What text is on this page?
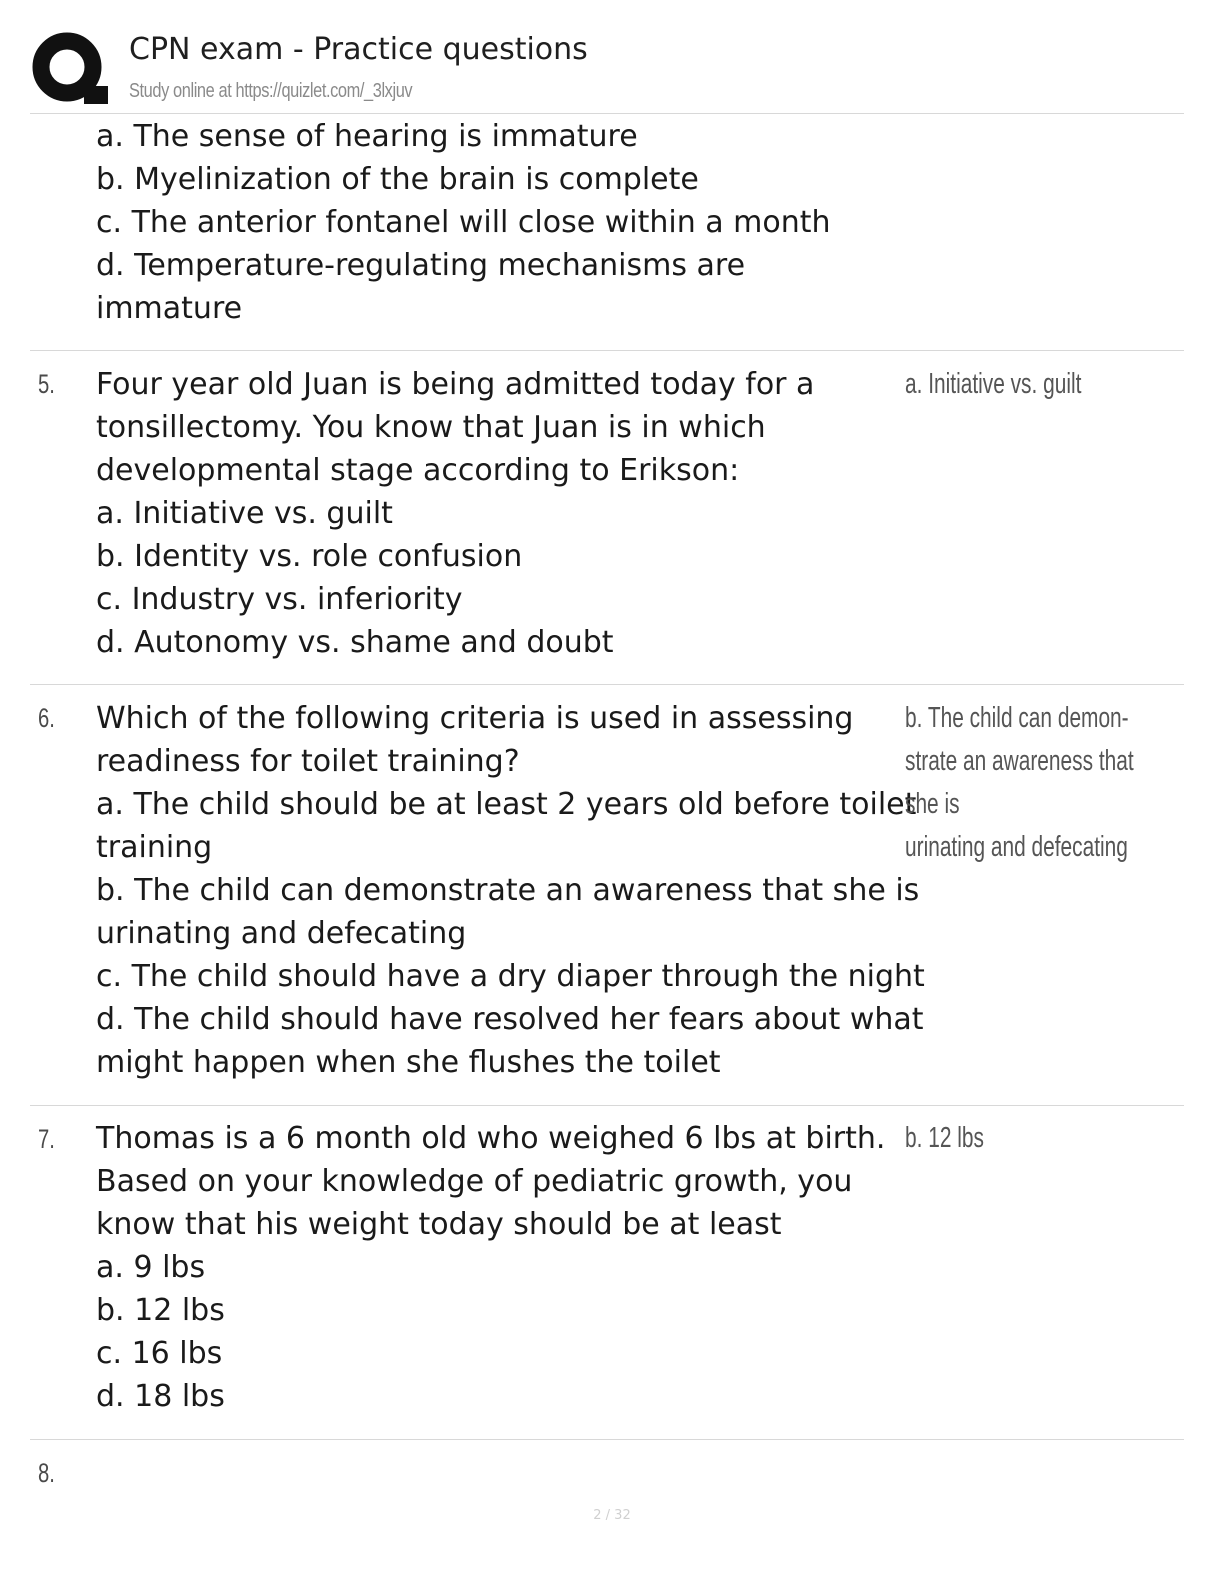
CPN exam - Practice questions
Study online at https://quizlet.com/_3lxjuv
a. The sense of hearing is immature
b. Myelinization of the brain is complete
c. The anterior fontanel will close within a month
d. Temperature-regulating mechanisms are
immature
5. Four year old Juan is being admitted today for a
tonsillectomy. You know that Juan is in which
developmental stage according to Erikson:
a. Initiative vs. guilt
b. Identity vs. role confusion
c. Industry vs. inferiority
d. Autonomy vs. shame and doubt
a. Initiative vs. guilt
6. Which of the following criteria is used in assessing
readiness for toilet training?
a. The child should be at least 2 years old before toilet
training
b. The child can demonstrate an awareness that she is
urinating and defecating
c. The child should have a dry diaper through the night
d. The child should have resolved her fears about what
might happen when she flushes the toilet
b. The child can demon-
strate an awareness that
she is
urinating and defecating
7. Thomas is a 6 month old who weighed 6 lbs at birth.
Based on your knowledge of pediatric growth, you
know that his weight today should be at least
a. 9 lbs
b. 12 lbs
c. 16 lbs
d. 18 lbs
b. 12 lbs
8.
2 / 32
